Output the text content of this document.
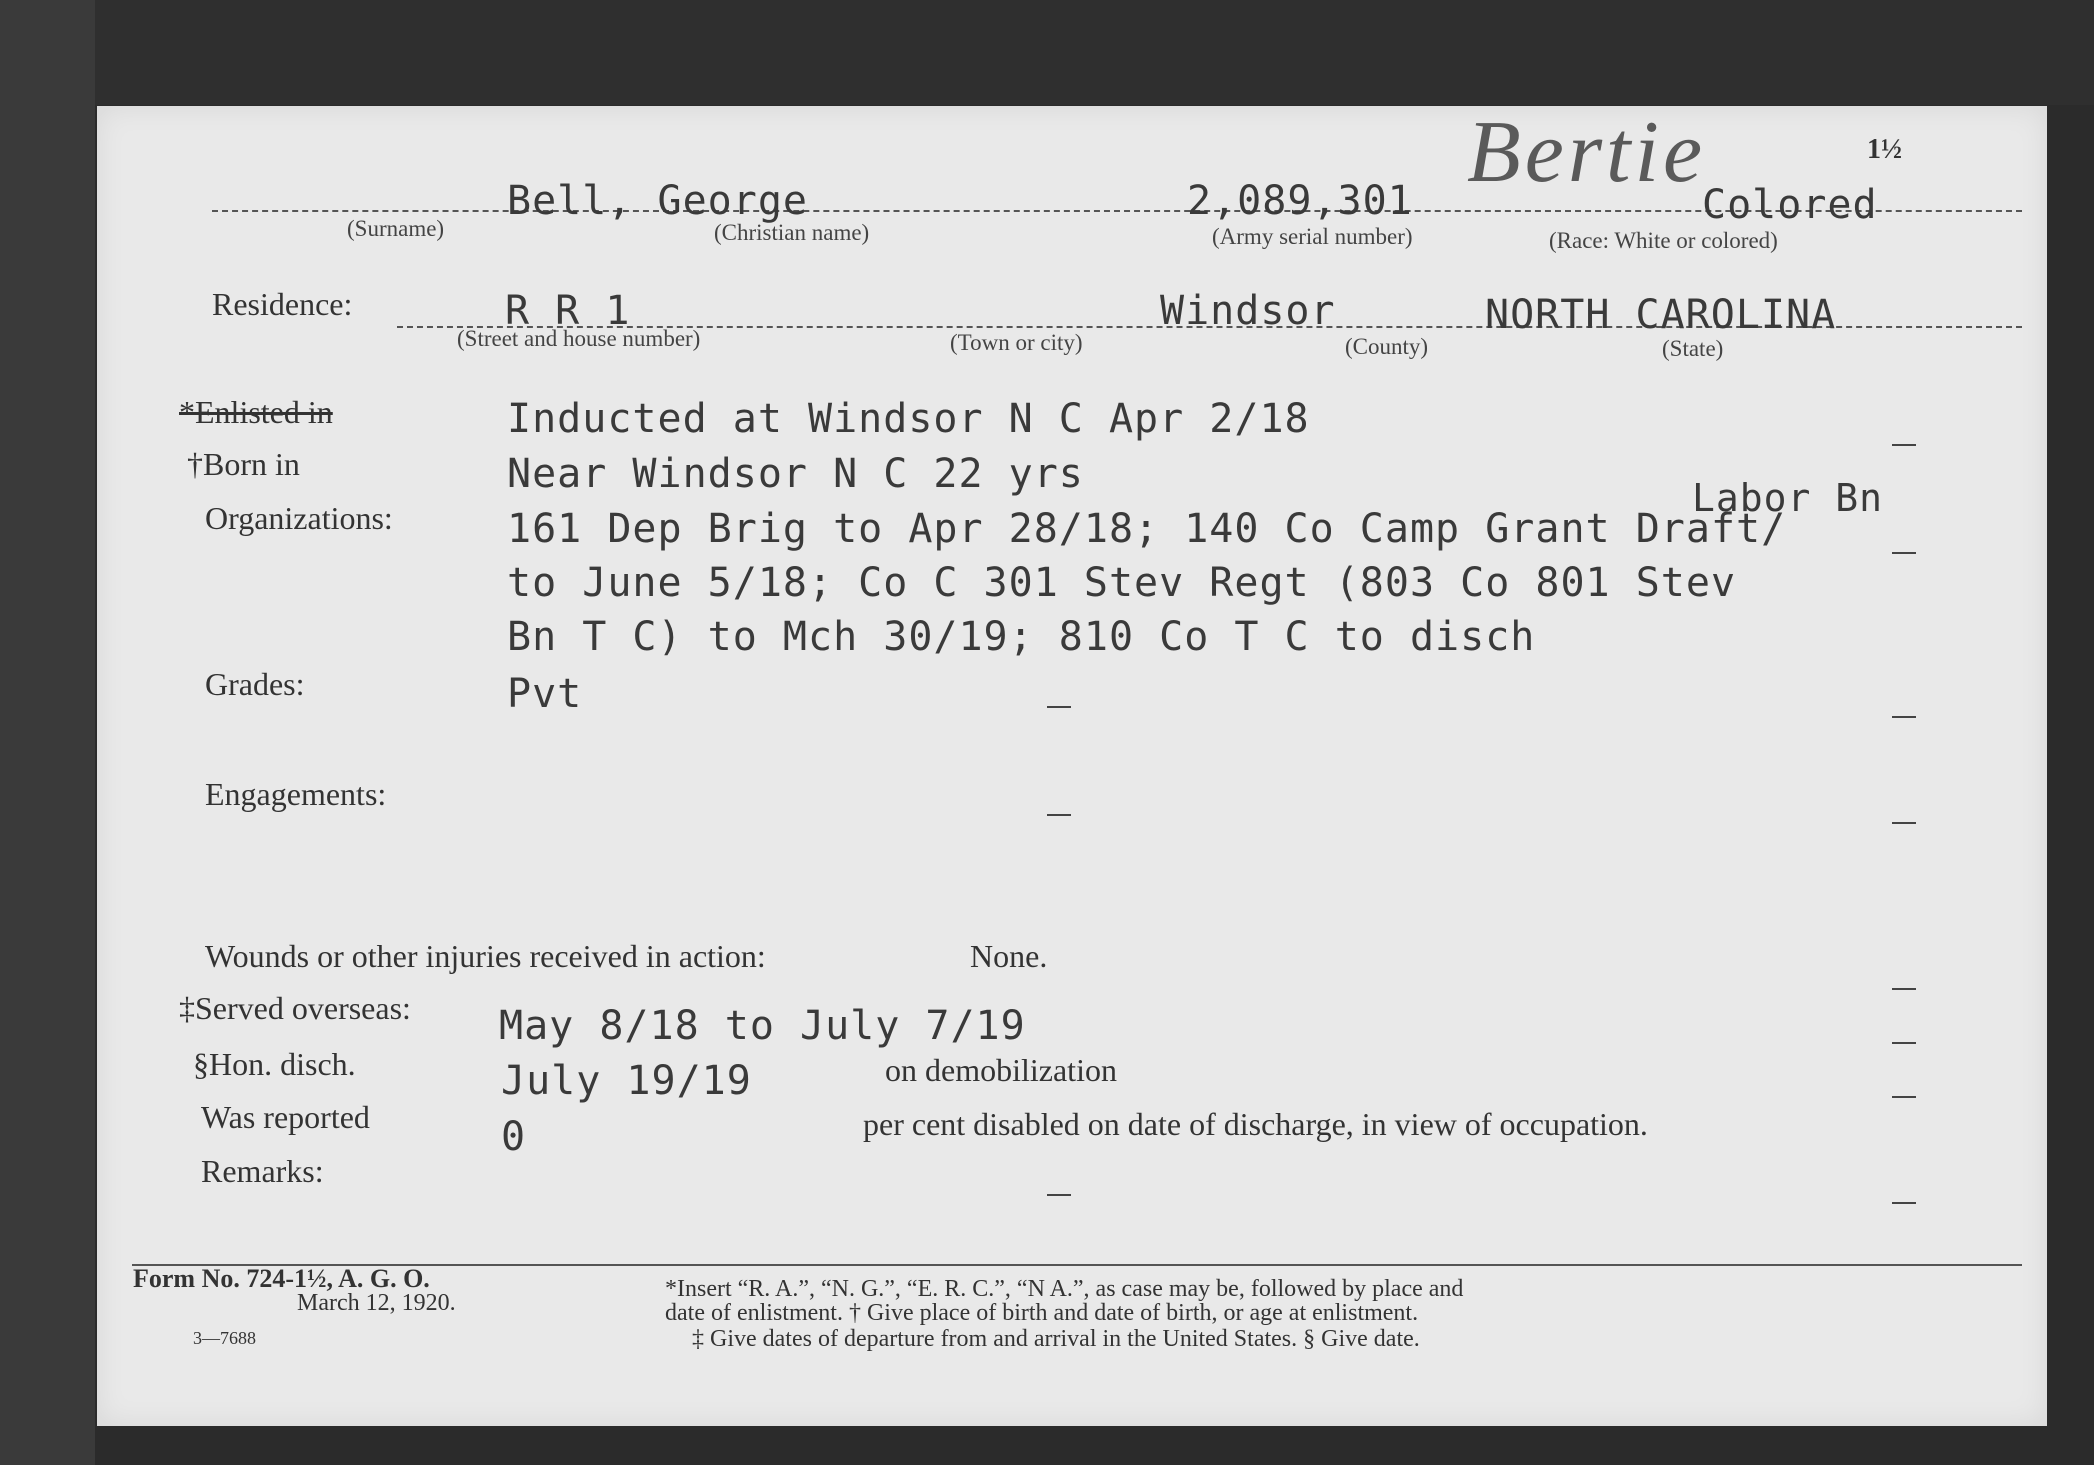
Bertie	1½
Bell, George	2,089,301	Colored
(Surname)	(Christian name)	(Army serial number)	(Race: White or colored)
Residence:	R R 1	Windsor	NORTH CAROLINA
(Street and house number)	(Town or city)	(County)	(State)
*Enlisted in	Inducted at Windsor N C Apr 2/18
†Born in	Near Windsor N C 22 yrs
Labor Bn
Organizations:	161 Dep Brig to Apr 28/18; 140 Co Camp Grant Draft/
to June 5/18; Co C 301 Stev Regt (803 Co 801 Stev
Bn T C) to Mch 30/19; 810 Co T C to disch
Grades:	Pvt
Engagements:
Wounds or other injuries received in action:	None.
‡Served overseas: May 8/18 to July 7/19
§Hon. disch.	July 19/19	on demobilization
Was reported	0	per cent disabled on date of discharge, in view of occupation.
Remarks:
Form No. 724-1½, A. G. O.
March 12, 1920.
3—7688
*Insert “R. A.”, “N. G.”, “E. R. C.”, “N A.”, as case may be, followed by place and
date of enlistment. † Give place of birth and date of birth, or age at enlistment.
‡ Give dates of departure from and arrival in the United States. § Give date.
